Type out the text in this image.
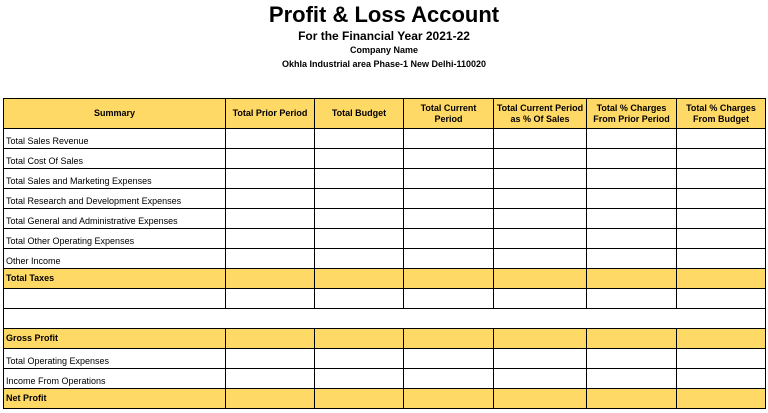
Profit & Loss Account
For the Financial Year 2021-22
Company Name
Okhla Industrial area Phase-1 New Delhi-110020
Summary	Total Prior Period	Total Budget	Total Current Period	Total Current Period as % Of Sales	Total % Charges From Prior Period	Total % Charges From Budget
Total Sales Revenue						
Total Cost Of Sales						
Total Sales and Marketing Expenses						
Total Research and Development Expenses						
Total General and Administrative Expenses						
Total Other Operating Expenses						
Other Income						
Total Taxes						

Gross Profit						
Total Operating Expenses						
Income From Operations						
Net Profit						
